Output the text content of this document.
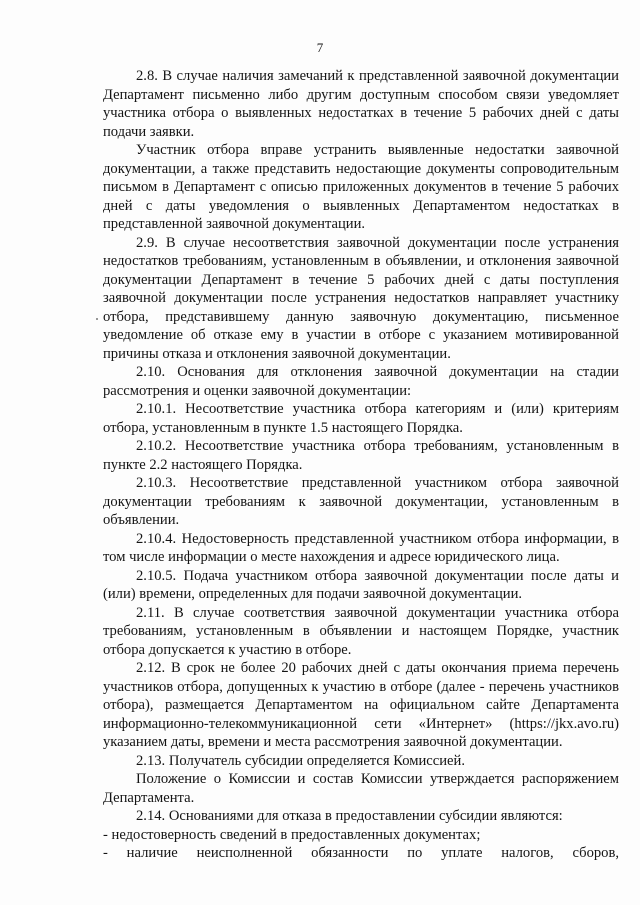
7

2.8. В случае наличия замечаний к представленной заявочной документации Департамент письменно либо другим доступным способом связи уведомляет участника отбора о выявленных недостатках в течение 5 рабочих дней с даты подачи заявки.

Участник отбора вправе устранить выявленные недостатки заявочной документации, а также представить недостающие документы сопроводительным письмом в Департамент с описью приложенных документов в течение 5 рабочих дней с даты уведомления о выявленных Департаментом недостатках в представленной заявочной документации.

2.9. В случае несоответствия заявочной документации после устранения недостатков требованиям, установленным в объявлении, и отклонения заявочной документации Департамент в течение 5 рабочих дней с даты поступления заявочной документации после устранения недостатков направляет участнику отбора, представившему данную заявочную документацию, письменное уведомление об отказе ему в участии в отборе с указанием мотивированной причины отказа и отклонения заявочной документации.

2.10. Основания для отклонения заявочной документации на стадии рассмотрения и оценки заявочной документации:

2.10.1. Несоответствие участника отбора категориям и (или) критериям отбора, установленным в пункте 1.5 настоящего Порядка.

2.10.2. Несоответствие участника отбора требованиям, установленным в пункте 2.2 настоящего Порядка.

2.10.3. Несоответствие представленной участником отбора заявочной документации требованиям к заявочной документации, установленным в объявлении.

2.10.4. Недостоверность представленной участником отбора информации, в том числе информации о месте нахождения и адресе юридического лица.

2.10.5. Подача участником отбора заявочной документации после даты и (или) времени, определенных для подачи заявочной документации.

2.11. В случае соответствия заявочной документации участника отбора требованиям, установленным в объявлении и настоящем Порядке, участник отбора допускается к участию в отборе.

2.12. В срок не более 20 рабочих дней с даты окончания приема перечень участников отбора, допущенных к участию в отборе (далее - перечень участников отбора), размещается Департаментом на официальном сайте Департамента информационно-телекоммуникационной сети «Интернет» (https://jkx.avo.ru) указанием даты, времени и места рассмотрения заявочной документации.

2.13. Получатель субсидии определяется Комиссией.

Положение о Комиссии и состав Комиссии утверждается распоряжением Департамента.

2.14. Основаниями для отказа в предоставлении субсидии являются:

- недостоверность сведений в предоставленных документах;

- наличие неисполненной обязанности по уплате налогов, сборов,
